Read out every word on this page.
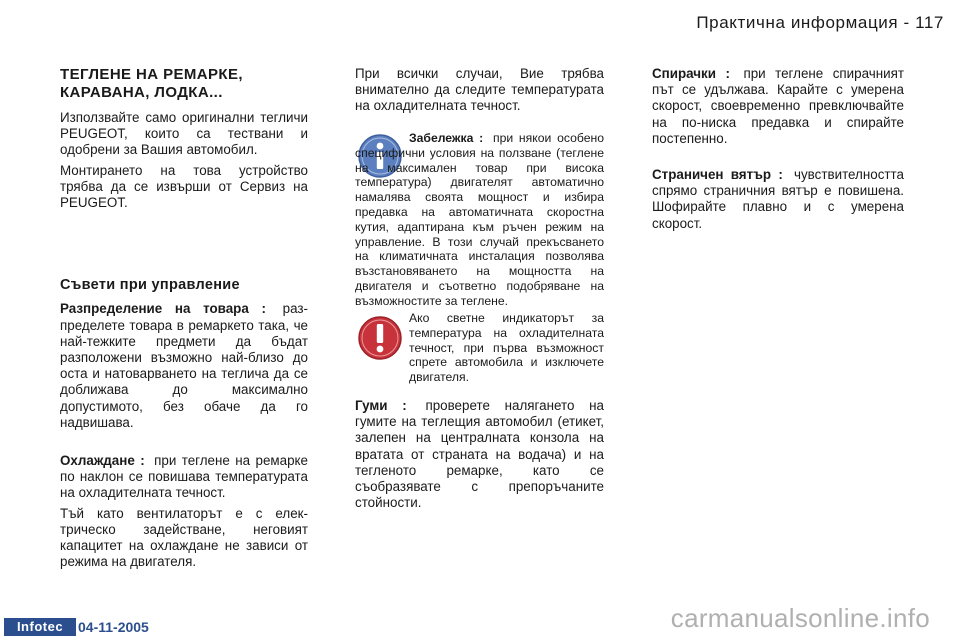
Практична информация - 117

ТЕГЛЕНЕ НА РЕМАРКЕ,
КАРАВАНА, ЛОДКА...

Използвайте само оригинални тегличи PEUGEOT, които са тествани и одобрени за Вашия автомобил.

Монтирането на това устройство трябва да се извърши от Сервиз на PEUGEOT.

Съвети при управление

Разпределение на товара : разпределете товара в ремаркето така, че най-тежките предмети да бъдат разположени възможно най-близо до оста и натоварването на теглича да се доближава до максимално допустимото, без обаче да го надвишава.

Охлаждане : при теглене на ремарке по наклон се повишава температурата на охладителната течност.

Тъй като вентилаторът е с електрическо задействане, неговият капацитет на охлаждане не зависи от режима на двигателя.

При всички случаи, Вие трябва внимателно да следите температурата на охладителната течност.

Забележка : при някои особено специфични условия на ползване (теглене на максимален товар при висока температура) двигателят автоматично намалява своята мощност и избира предавка на автоматичната скоростна кутия, адаптирана към ръчен режим на управление. В този случай прекъсването на климатичната инсталация позволява възстановяването на мощността на двигателя и съответно подобряване на възможностите за теглене.

Ако светне индикаторът за температура на охладителната течност, при първа възможност спрете автомобила и изключете двигателя.

Гуми : проверете налягането на гумите на теглещия автомобил (етикет, залепен на централната конзола на вратата от страната на водача) и на тегленото ремарке, като се съобразявате с препоръчаните стойности.

Спирачки : при теглене спирачният път се удължава. Карайте с умерена скорост, своевременно превключвайте на по-ниска предавка и спирайте постепенно.

Страничен вятър : чувствителността спрямо страничния вятър е повишена. Шофирайте плавно и с умерена скорост.

Infotec	04-11-2005	carmanualsonline.info
